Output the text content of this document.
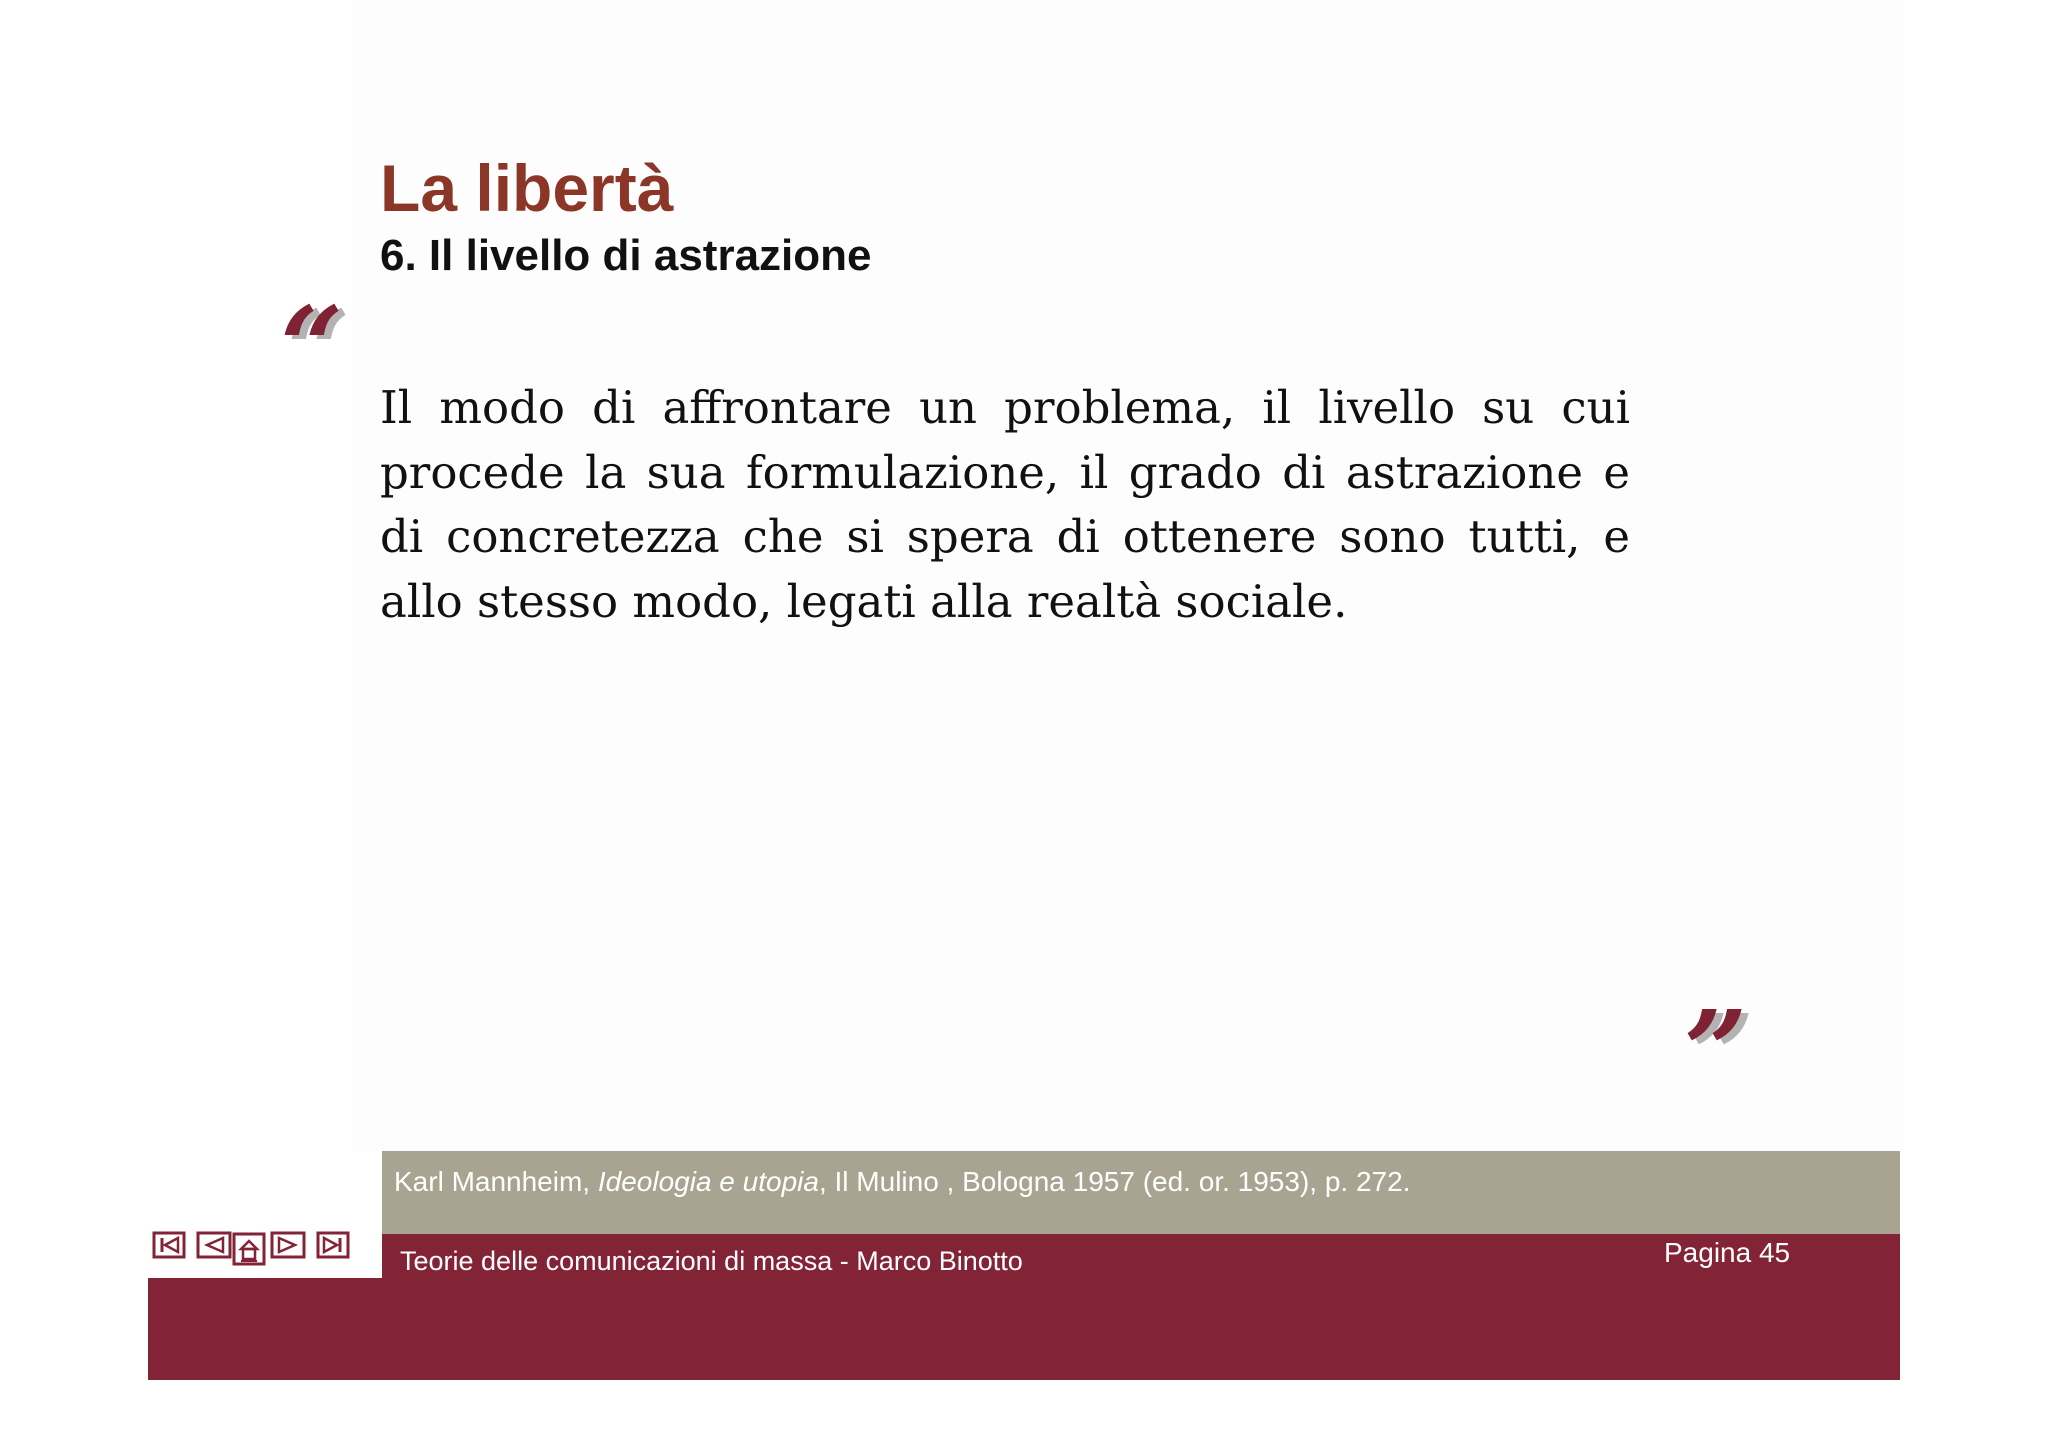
La libertà
6. Il livello di astrazione
“ Il modo di affrontare un problema, il livello su cui procede la sua formulazione, il grado di astrazione e di concretezza che si spera di ottenere sono tutti, e allo stesso modo, legati alla realtà sociale.

”
Karl Mannheim, Ideologia e utopia, Il Mulino , Bologna 1957 (ed. or. 1953), p. 272.
Teorie delle comunicazioni di massa - Marco Binotto	Pagina 45
